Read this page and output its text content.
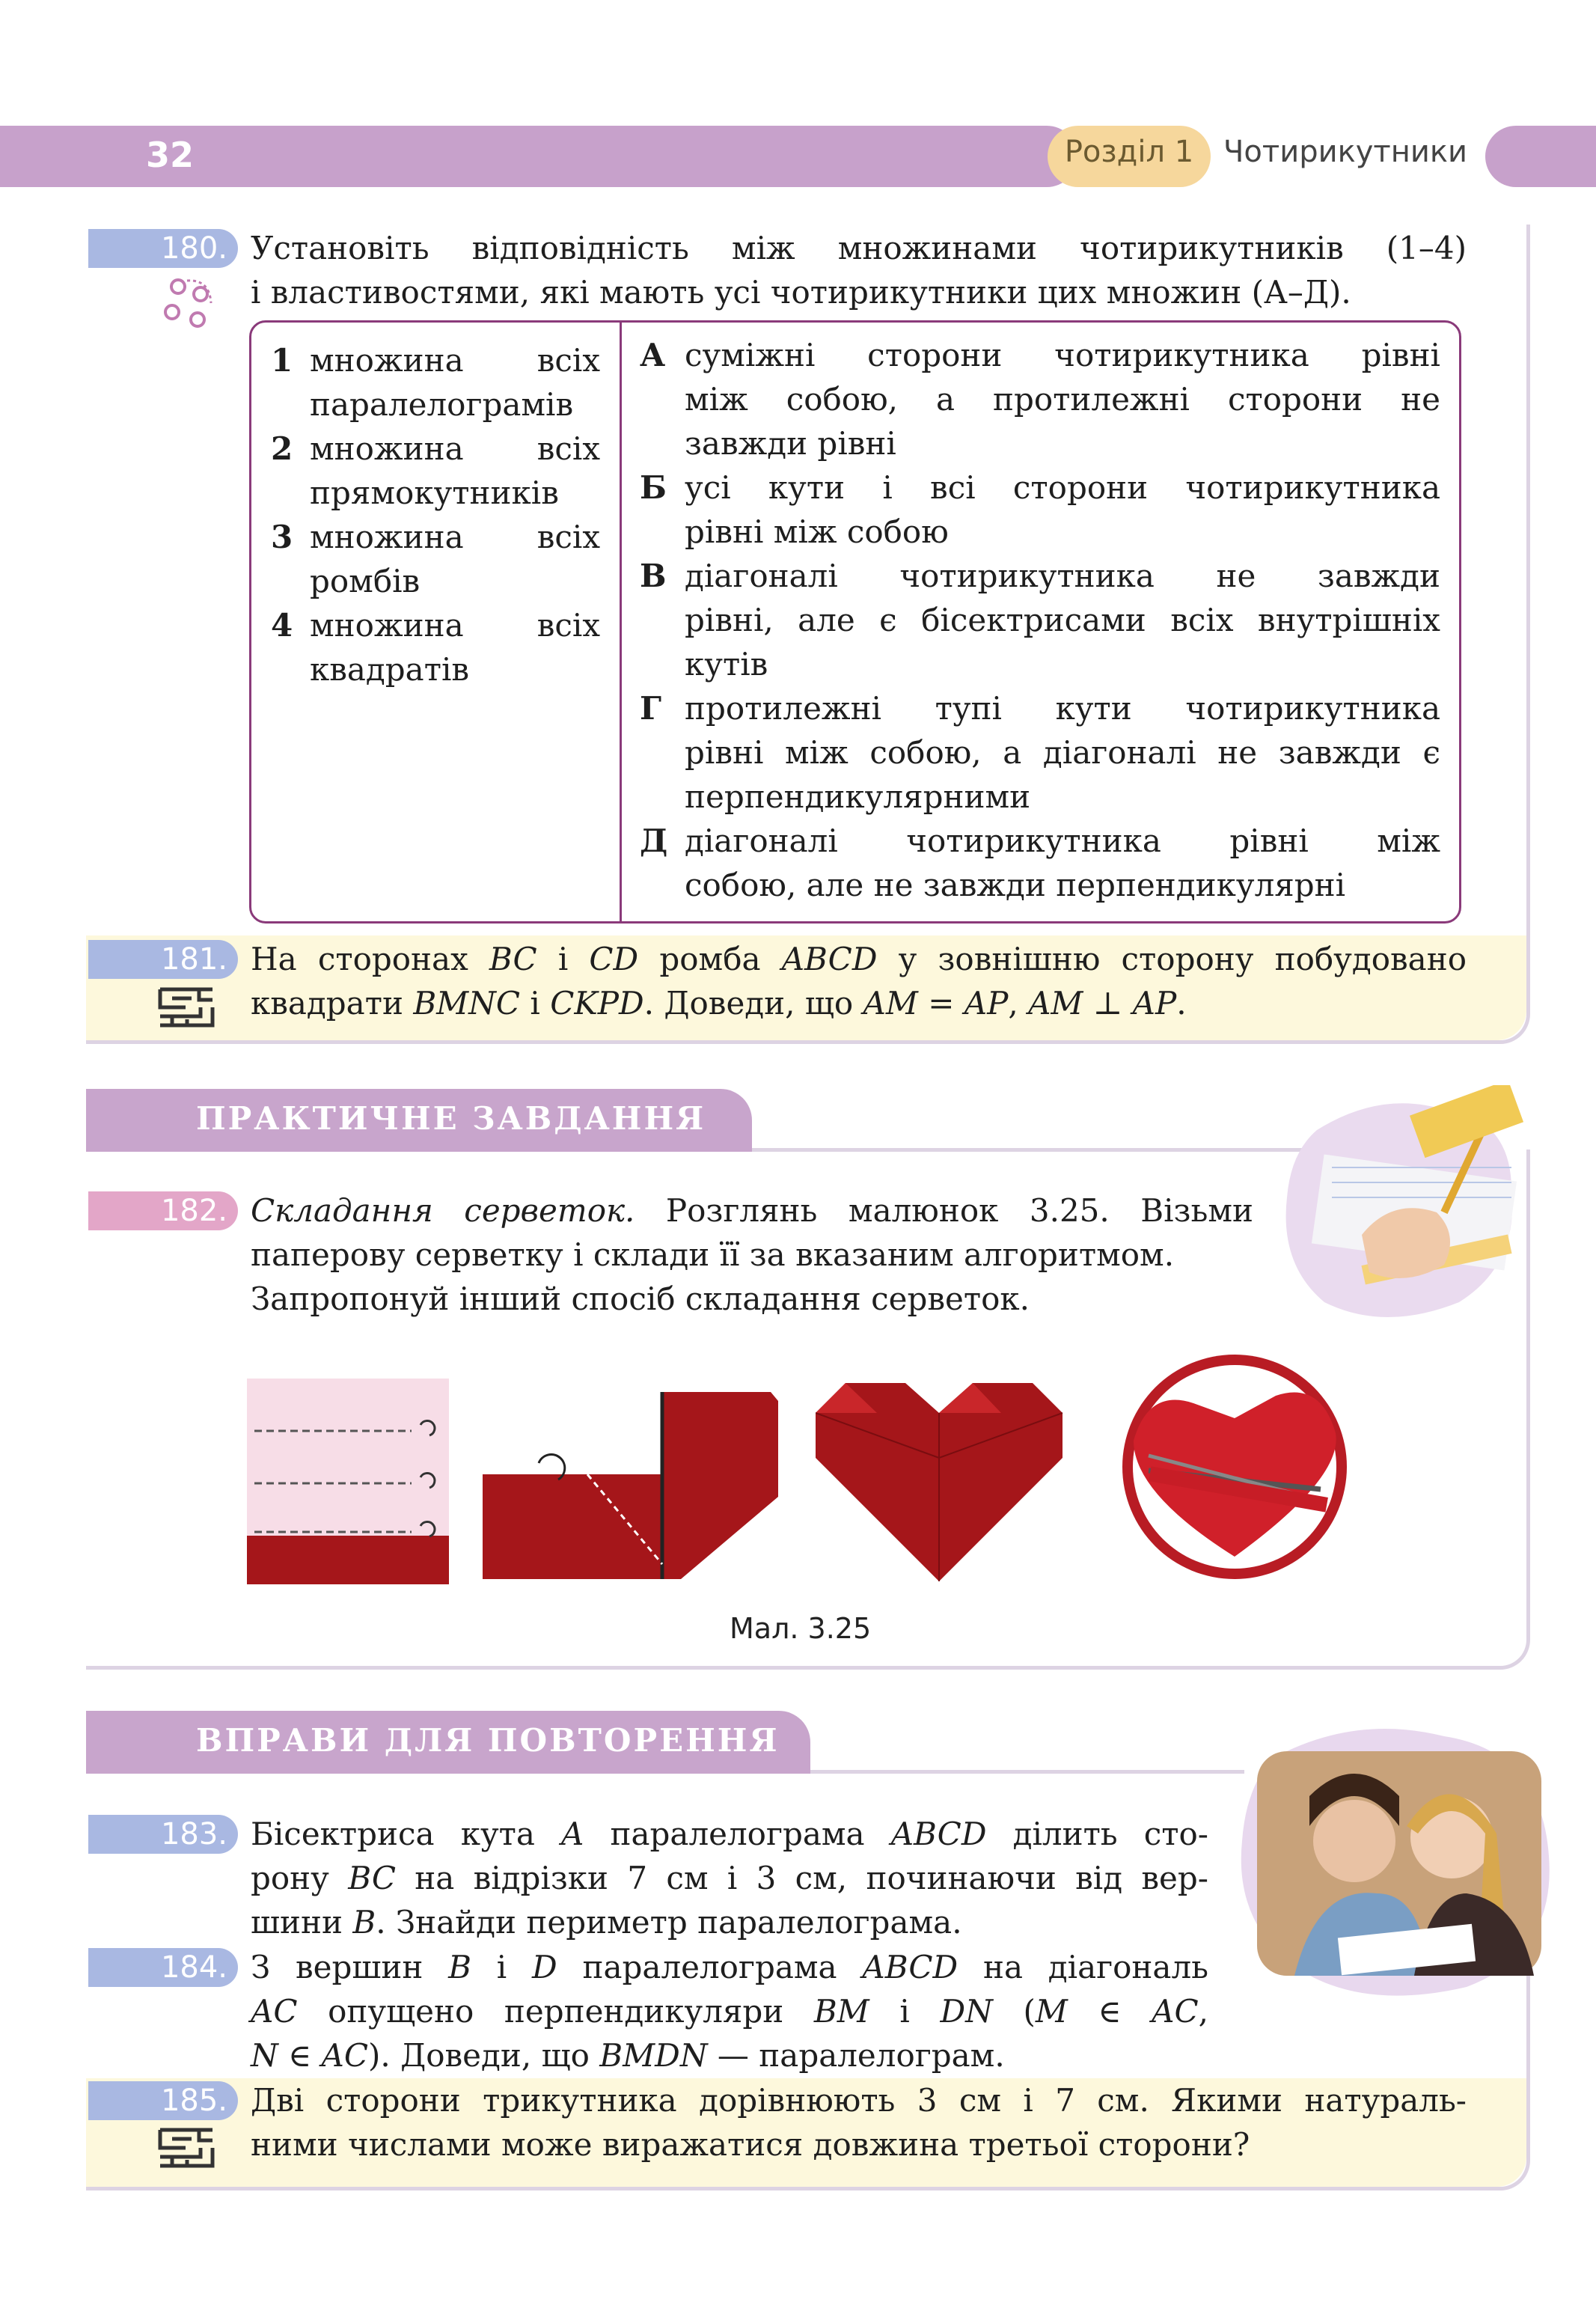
32	Розділ 1 Чотирикутники
180. Установіть відповідність між множинами чотирикутників (1–4)
і властивостями, які мають усі чотирикутники цих множин (А–Д).
1 множина всіх
паралелограмів
2 множина всіх
прямокутників
3 множина всіх
ромбів
4 множина всіх
квадратів
А суміжні сторони чотирикутника рівні
між собою, а протилежні сторони не
завжди рівні
Б усі кути і всі сторони чотирикутника
рівні між собою
В діагоналі чотирикутника не завжди
рівні, але є бісектрисами всіх внутрішніх
кутів
Г протилежні тупі кути чотирикутника
рівні між собою, а діагоналі не завжди є
перпендикулярними
Д діагоналі чотирикутника рівні між
собою, але не завжди перпендикулярні
181. На сторонах BC і CD ромба ABCD у зовнішню сторону побудовано
квадрати BMNC і CKPD. Доведи, що AM = AP, AM ⊥ AP.
ПРАКТИЧНЕ ЗАВДАННЯ
182. Складання серветок. Розглянь малюнок 3.25. Візьми
паперову серветку і склади її за вказаним алгоритмом.
Запропонуй інший спосіб складання серветок.
Мал. 3.25
ВПРАВИ ДЛЯ ПОВТОРЕННЯ
183. Бісектриса кута A паралелограма ABCD ділить сто-
рону BC на відрізки 7 см і 3 см, починаючи від вер-
шини B. Знайди периметр паралелограма.
184. З вершин B і D паралелограма ABCD на діагональ
AC опущено перпендикуляри BM і DN (M ∈ AC,
N ∈ AC). Доведи, що BMDN — паралелограм.
185. Дві сторони трикутника дорівнюють 3 см і 7 см. Якими натураль-
ними числами може виражатися довжина третьої сторони?
